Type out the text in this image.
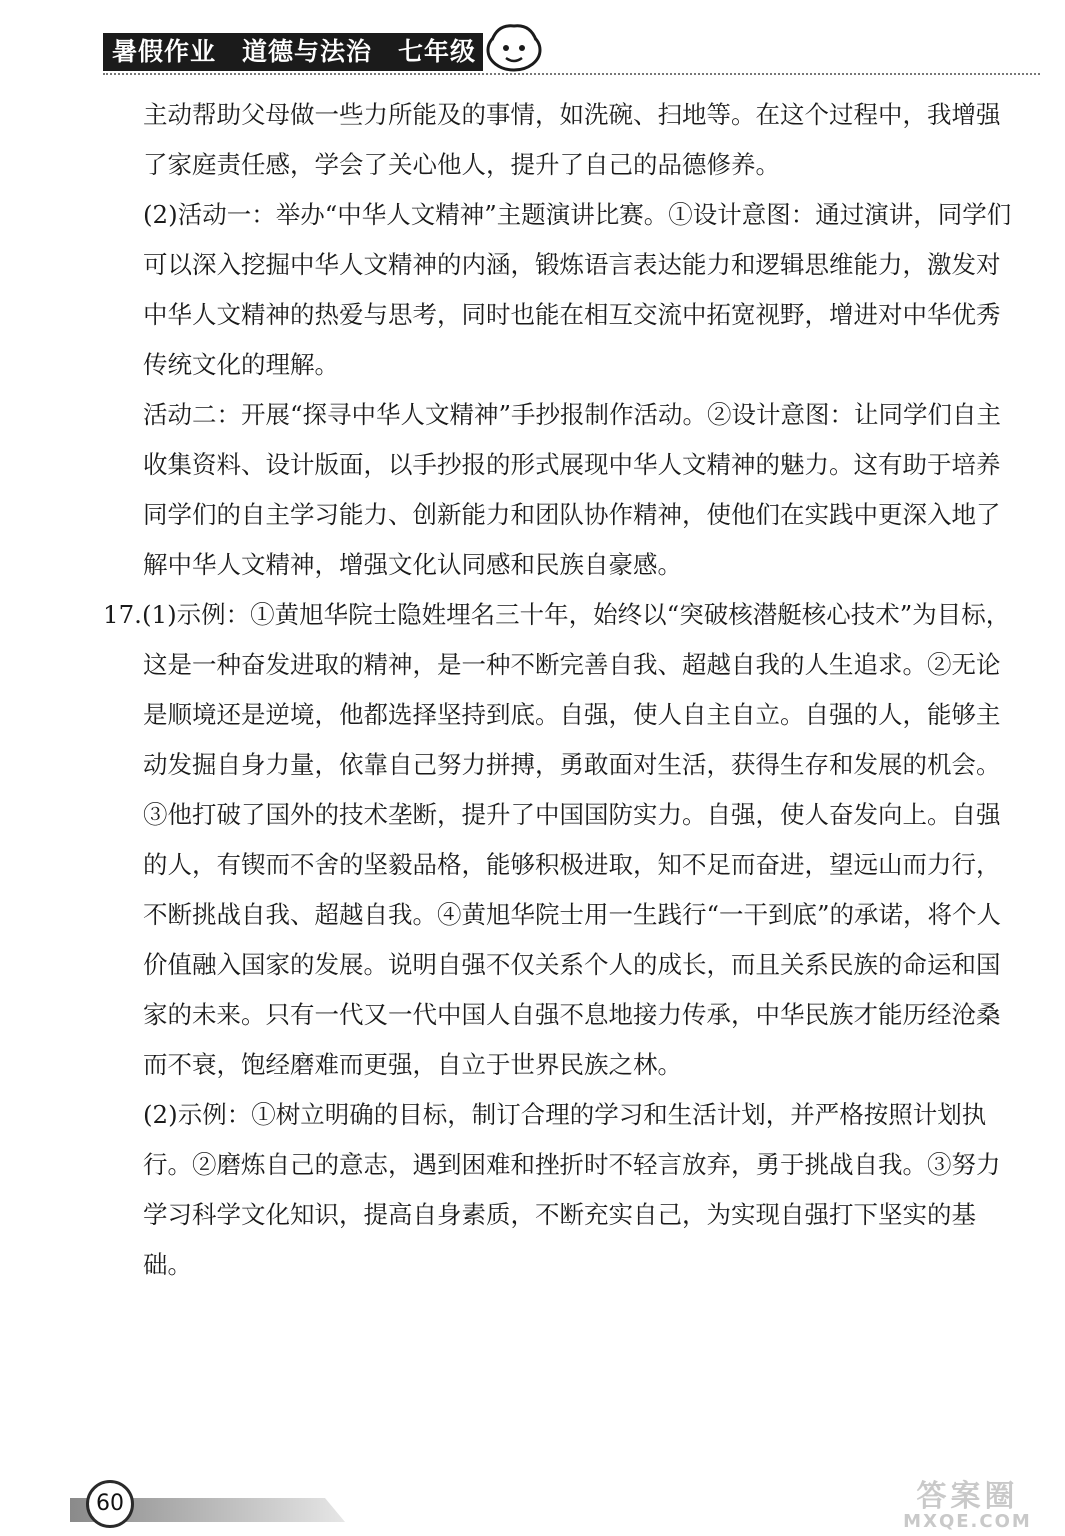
暑假作业　道德与法治　七年级

主动帮助父母做一些力所能及的事情，如洗碗、扫地等。在这个过程中，我增强了家庭责任感，学会了关心他人，提升了自己的品德修养。

(2)活动一：举办“中华人文精神”主题演讲比赛。①设计意图：通过演讲，同学们可以深入挖掘中华人文精神的内涵，锻炼语言表达能力和逻辑思维能力，激发对中华人文精神的热爱与思考，同时也能在相互交流中拓宽视野，增进对中华优秀传统文化的理解。

活动二：开展“探寻中华人文精神”手抄报制作活动。②设计意图：让同学们自主收集资料、设计版面，以手抄报的形式展现中华人文精神的魅力。这有助于培养同学们的自主学习能力、创新能力和团队协作精神，使他们在实践中更深入地了解中华人文精神，增强文化认同感和民族自豪感。

17.(1)示例：①黄旭华院士隐姓埋名三十年，始终以“突破核潜艇核心技术”为目标，这是一种奋发进取的精神，是一种不断完善自我、超越自我的人生追求。②无论是顺境还是逆境，他都选择坚持到底。自强，使人自主自立。自强的人，能够主动发掘自身力量，依靠自己努力拼搏，勇敢面对生活，获得生存和发展的机会。③他打破了国外的技术垄断，提升了中国国防实力。自强，使人奋发向上。自强的人，有锲而不舍的坚毅品格，能够积极进取，知不足而奋进，望远山而力行，不断挑战自我、超越自我。④黄旭华院士用一生践行“一干到底”的承诺，将个人价值融入国家的发展。说明自强不仅关系个人的成长，而且关系民族的命运和国家的未来。只有一代又一代中国人自强不息地接力传承，中华民族才能历经沧桑而不衰，饱经磨难而更强，自立于世界民族之林。

(2)示例：①树立明确的目标，制订合理的学习和生活计划，并严格按照计划执行。②磨炼自己的意志，遇到困难和挫折时不轻言放弃，勇于挑战自我。③努力学习科学文化知识，提高自身素质，不断充实自己，为实现自强打下坚实的基础。

60	答案圈
MXQE.COM
